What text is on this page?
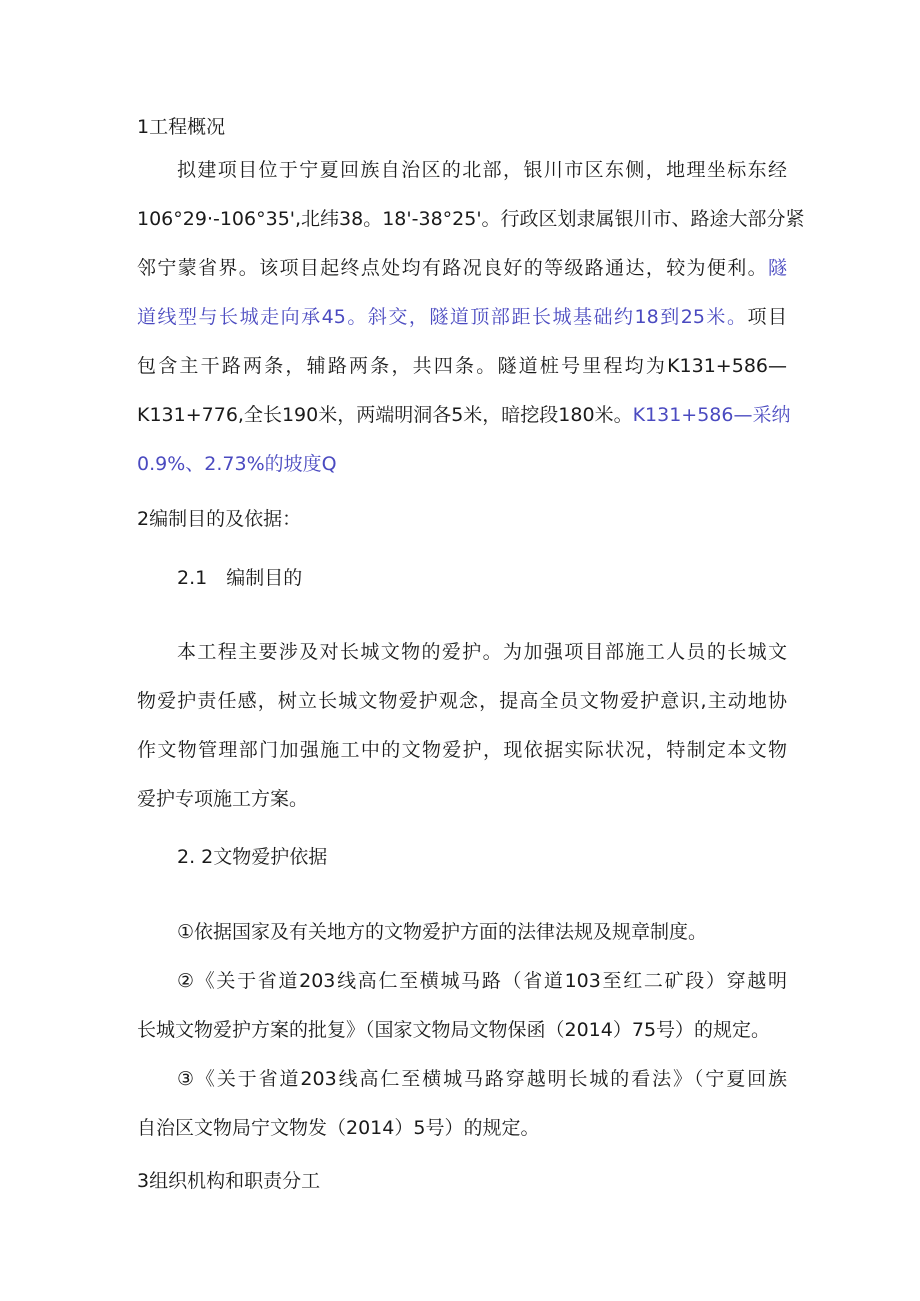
1工程概况
拟建项目位于宁夏回族自治区的北部，银川市区东侧，地理坐标东经
106°29·-106°35',北纬38。18'-38°25'。行政区划隶属银川市、路途大部分紧
邻宁蒙省界。该项目起终点处均有路况良好的等级路通达，较为便利。隧
道线型与长城走向承45。斜交，隧道顶部距长城基础约18到25米。项目
包含主干路两条，辅路两条，共四条。隧道桩号里程均为K131+586—
K131+776,全长190米，两端明洞各5米，暗挖段180米。K131+586—采纳
0.9%、2.73%的坡度Q
2编制目的及依据：
2.1　编制目的
本工程主要涉及对长城文物的爱护。为加强项目部施工人员的长城文
物爱护责任感，树立长城文物爱护观念，提高全员文物爱护意识,主动地协
作文物管理部门加强施工中的文物爱护，现依据实际状况，特制定本文物
爱护专项施工方案。
2. 2文物爱护依据
①依据国家及有关地方的文物爱护方面的法律法规及规章制度。
②《关于省道203线高仁至横城马路（省道103至红二矿段）穿越明
长城文物爱护方案的批复》（国家文物局文物保函（2014）75号）的规定。
③《关于省道203线高仁至横城马路穿越明长城的看法》（宁夏回族
自治区文物局宁文物发（2014）5号）的规定。
3组织机构和职责分工
